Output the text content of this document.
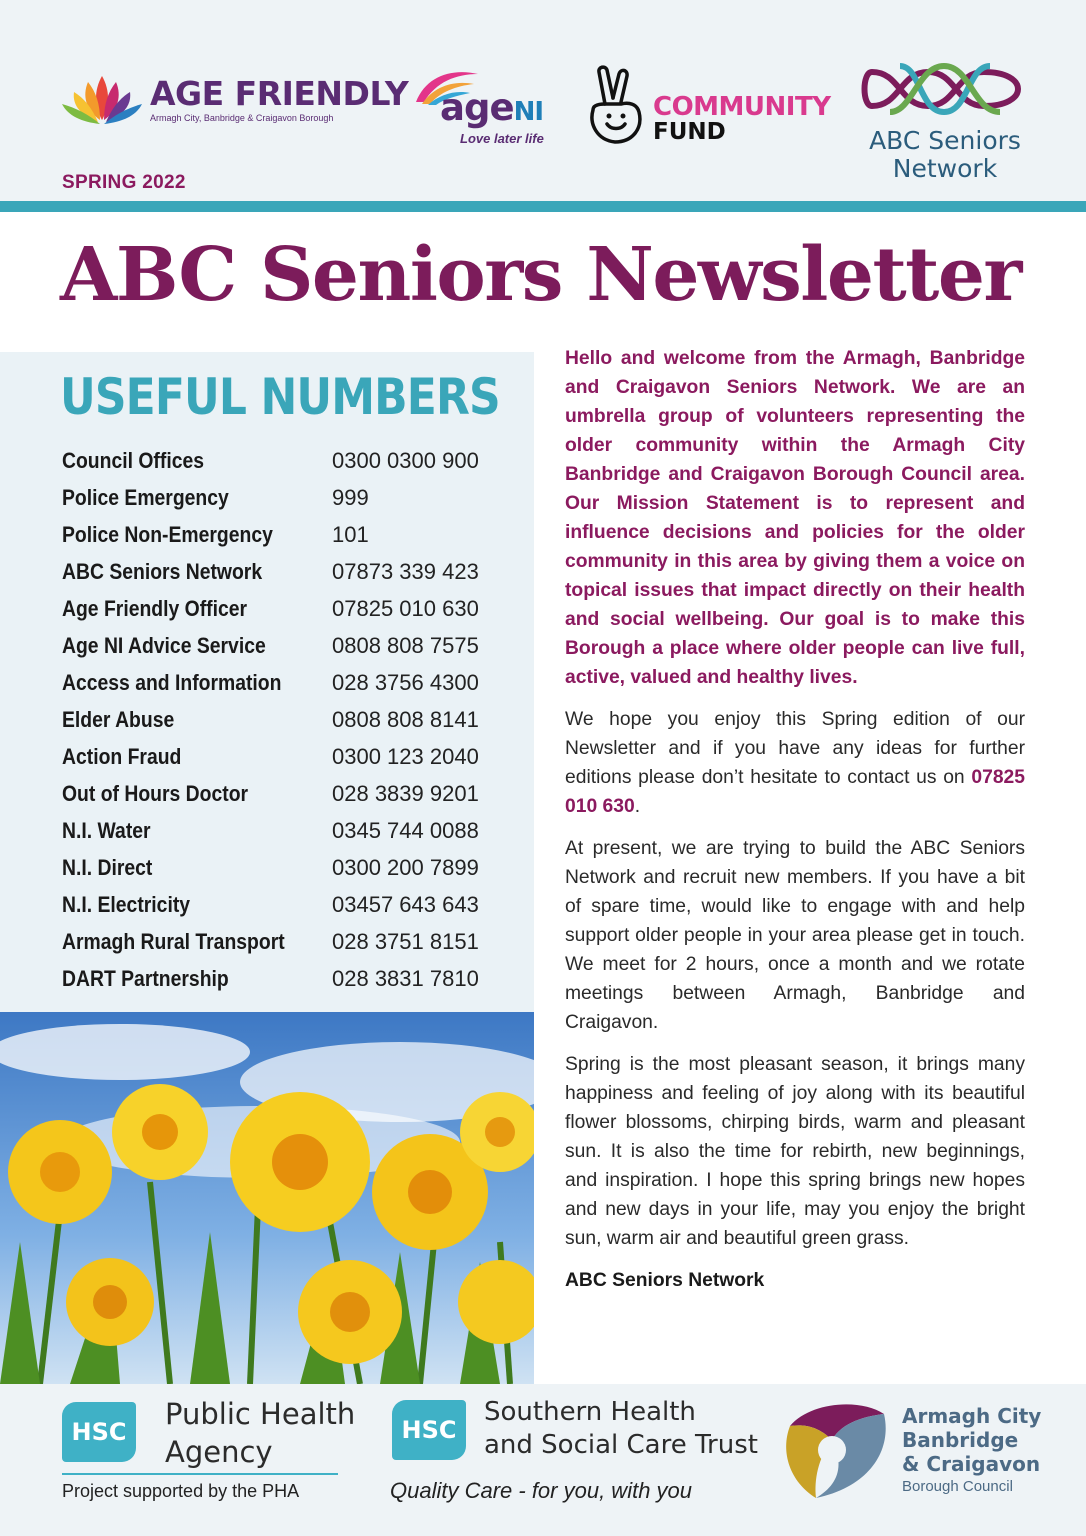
AGE FRIENDLY
Armagh City, Banbridge & Craigavon Borough	ageNI
Love later life
COMMUNITY
FUND	ABC Seniors
Network
SPRING 2022
ABC Seniors Newsletter
USEFUL NUMBERS
Council Offices	0300 0300 900
Police Emergency	999
Police Non-Emergency	101
ABC Seniors Network	07873 339 423
Age Friendly Officer	07825 010 630
Age NI Advice Service	0808 808 7575
Access and Information	028 3756 4300
Elder Abuse	0808 808 8141
Action Fraud	0300 123 2040
Out of Hours Doctor	028 3839 9201
N.I. Water	0345 744 0088
N.I. Direct	0300 200 7899
N.I. Electricity	03457 643 643
Armagh Rural Transport	028 3751 8151
DART Partnership	028 3831 7810

Hello and welcome from the Armagh, Banbridge and Craigavon Seniors Network. We are an umbrella group of volunteers representing the older community within the Armagh City Banbridge and Craigavon Borough Council area. Our Mission Statement is to represent and influence decisions and policies for the older community in this area by giving them a voice on topical issues that impact directly on their health and social wellbeing. Our goal is to make this Borough a place where older people can live full, active, valued and healthy lives.

We hope you enjoy this Spring edition of our Newsletter and if you have any ideas for further editions please don’t hesitate to contact us on 07825 010 630.

At present, we are trying to build the ABC Seniors Network and recruit new members. If you have a bit of spare time, would like to engage with and help support older people in your area please get in touch. We meet for 2 hours, once a month and we rotate meetings between Armagh, Banbridge and Craigavon.

Spring is the most pleasant season, it brings many happiness and feeling of joy along with its beautiful flower blossoms, chirping birds, warm and pleasant sun. It is also the time for rebirth, new beginnings, and inspiration. I hope this spring brings new hopes and new days in your life, may you enjoy the bright sun, warm air and beautiful green grass.

ABC Seniors Network

HSC
Public Health
Agency
Project supported by the PHA
HSC
Southern Health
and Social Care Trust
Quality Care - for you, with you
Armagh City
Banbridge
& Craigavon
Borough Council
